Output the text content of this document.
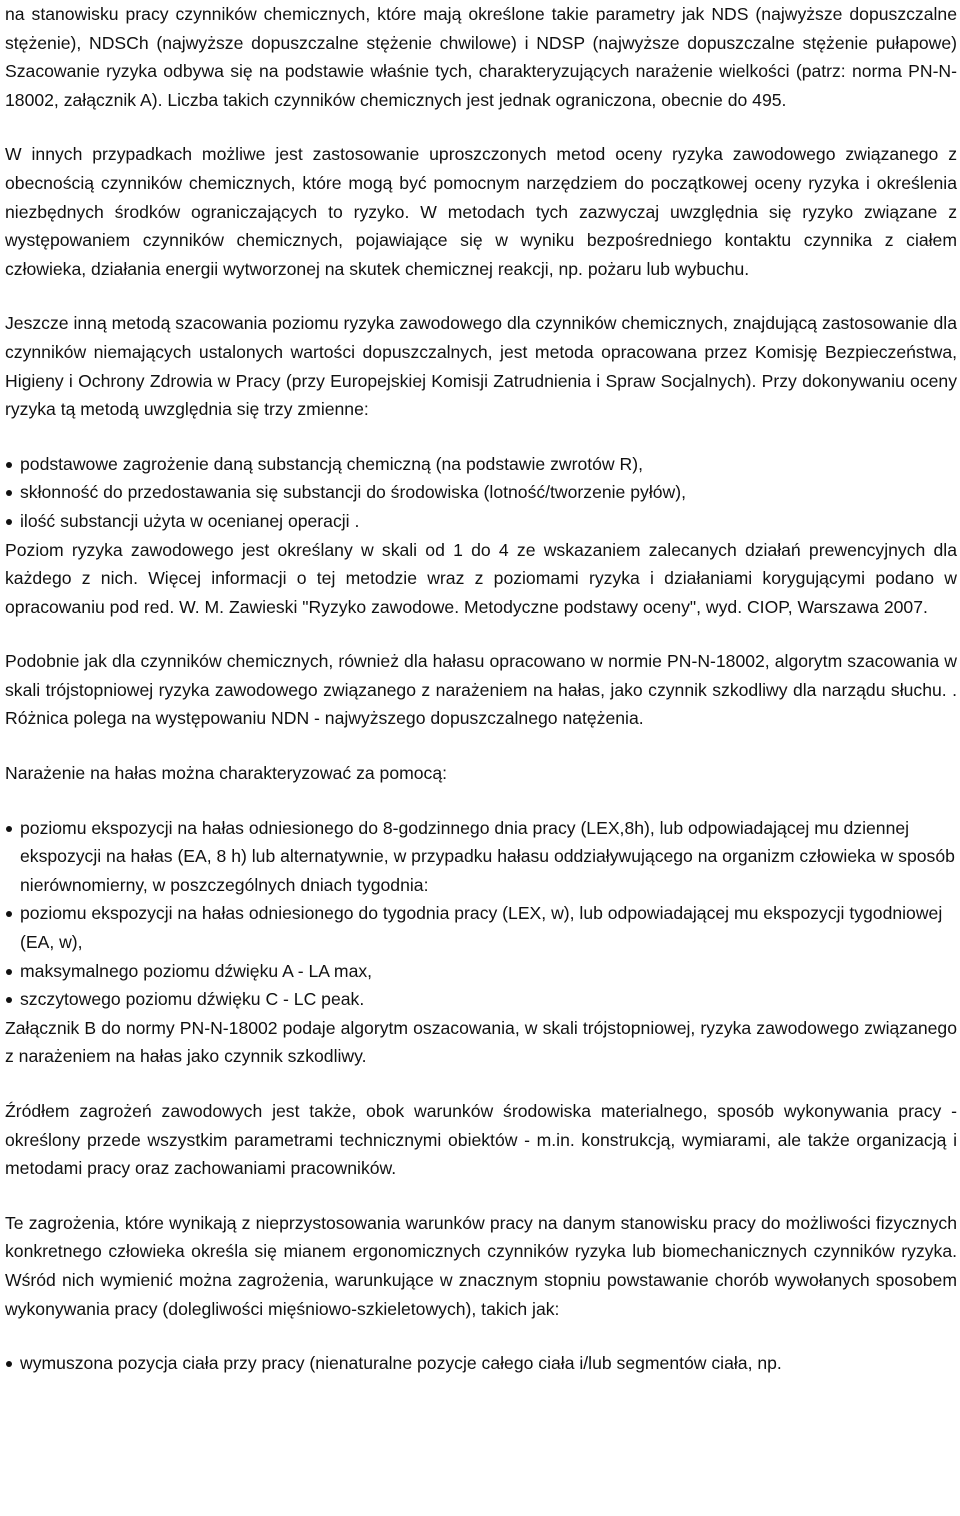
na stanowisku pracy czynników chemicznych, które mają określone takie parametry jak NDS (najwyższe dopuszczalne stężenie), NDSCh (najwyższe dopuszczalne stężenie chwilowe) i NDSP (najwyższe dopuszczalne stężenie pułapowe) Szacowanie ryzyka odbywa się na podstawie właśnie tych, charakteryzujących narażenie wielkości (patrz: norma PN-N-18002, załącznik A). Liczba takich czynników chemicznych jest jednak ograniczona, obecnie do 495.

W innych przypadkach możliwe jest zastosowanie uproszczonych metod oceny ryzyka zawodowego związanego z obecnością czynników chemicznych, które mogą być pomocnym narzędziem do początkowej oceny ryzyka i określenia niezbędnych środków ograniczających to ryzyko. W metodach tych zazwyczaj uwzględnia się ryzyko związane z występowaniem czynników chemicznych, pojawiające się w wyniku bezpośredniego kontaktu czynnika z ciałem człowieka, działania energii wytworzonej na skutek chemicznej reakcji, np. pożaru lub wybuchu.

Jeszcze inną metodą szacowania poziomu ryzyka zawodowego dla czynników chemicznych, znajdującą zastosowanie dla czynników niemających ustalonych wartości dopuszczalnych, jest metoda opracowana przez Komisję Bezpieczeństwa, Higieny i Ochrony Zdrowia w Pracy (przy Europejskiej Komisji Zatrudnienia i Spraw Socjalnych). Przy dokonywaniu oceny ryzyka tą metodą uwzględnia się trzy zmienne:

podstawowe zagrożenie daną substancją chemiczną (na podstawie zwrotów R),
skłonność do przedostawania się substancji do środowiska (lotność/tworzenie pyłów),
ilość substancji użyta w ocenianej operacji .

Poziom ryzyka zawodowego jest określany w skali od 1 do 4 ze wskazaniem zalecanych działań prewencyjnych dla każdego z nich. Więcej informacji o tej metodzie wraz z poziomami ryzyka i działaniami korygującymi podano w opracowaniu pod red. W. M. Zawieski "Ryzyko zawodowe. Metodyczne podstawy oceny", wyd. CIOP, Warszawa 2007.

Podobnie jak dla czynników chemicznych, również dla hałasu opracowano w normie PN-N-18002, algorytm szacowania w skali trójstopniowej ryzyka zawodowego związanego z narażeniem na hałas, jako czynnik szkodliwy dla narządu słuchu. . Różnica polega na występowaniu NDN - najwyższego dopuszczalnego natężenia.

Narażenie na hałas można charakteryzować za pomocą:

poziomu ekspozycji na hałas odniesionego do 8-godzinnego dnia pracy (LEX,8h), lub odpowiadającej mu dziennej ekspozycji na hałas (EA, 8 h) lub alternatywnie, w przypadku hałasu oddziaływującego na organizm człowieka w sposób nierównomierny, w poszczególnych dniach tygodnia:
poziomu ekspozycji na hałas odniesionego do tygodnia pracy (LEX, w), lub odpowiadającej mu ekspozycji tygodniowej (EA, w),
maksymalnego poziomu dźwięku A - LA max,
szczytowego poziomu dźwięku C - LC peak.

Załącznik B do normy PN-N-18002 podaje algorytm oszacowania, w skali trójstopniowej, ryzyka zawodowego związanego z narażeniem na hałas jako czynnik szkodliwy.

Źródłem zagrożeń zawodowych jest także, obok warunków środowiska materialnego, sposób wykonywania pracy - określony przede wszystkim parametrami technicznymi obiektów - m.in. konstrukcją, wymiarami, ale także organizacją i metodami pracy oraz zachowaniami pracowników.

Te zagrożenia, które wynikają z nieprzystosowania warunków pracy na danym stanowisku pracy do możliwości fizycznych konkretnego człowieka określa się mianem ergonomicznych czynników ryzyka lub biomechanicznych czynników ryzyka. Wśród nich wymienić można zagrożenia, warunkujące w znacznym stopniu powstawanie chorób wywołanych sposobem wykonywania pracy (dolegliwości mięśniowo-szkieletowych), takich jak:

wymuszona pozycja ciała przy pracy (nienaturalne pozycje całego ciała i/lub segmentów ciała, np.
